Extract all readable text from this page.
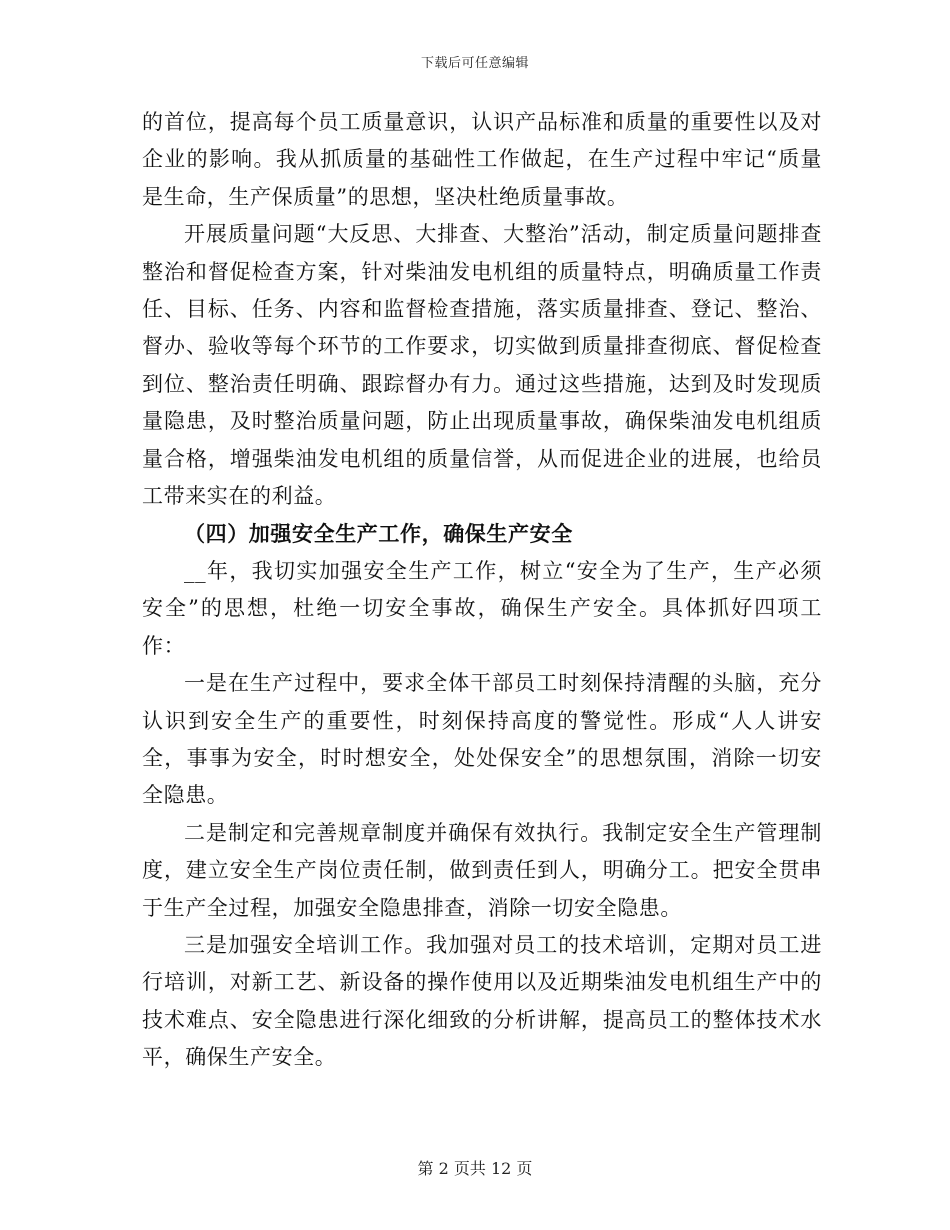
下载后可任意编辑

的首位，提高每个员工质量意识，认识产品标准和质量的重要性以及对企业的影响。我从抓质量的基础性工作做起，在生产过程中牢记“质量是生命，生产保质量”的思想，坚决杜绝质量事故。

开展质量问题“大反思、大排查、大整治”活动，制定质量问题排查整治和督促检查方案，针对柴油发电机组的质量特点，明确质量工作责任、目标、任务、内容和监督检查措施，落实质量排查、登记、整治、督办、验收等每个环节的工作要求，切实做到质量排查彻底、督促检查到位、整治责任明确、跟踪督办有力。通过这些措施，达到及时发现质量隐患，及时整治质量问题，防止出现质量事故，确保柴油发电机组质量合格，增强柴油发电机组的质量信誉，从而促进企业的进展，也给员工带来实在的利益。

（四）加强安全生产工作，确保生产安全

__年，我切实加强安全生产工作，树立“安全为了生产，生产必须安全”的思想，杜绝一切安全事故，确保生产安全。具体抓好四项工作：

一是在生产过程中，要求全体干部员工时刻保持清醒的头脑，充分认识到安全生产的重要性，时刻保持高度的警觉性。形成“人人讲安全，事事为安全，时时想安全，处处保安全”的思想氛围，消除一切安全隐患。

二是制定和完善规章制度并确保有效执行。我制定安全生产管理制度，建立安全生产岗位责任制，做到责任到人，明确分工。把安全贯串于生产全过程，加强安全隐患排查，消除一切安全隐患。

三是加强安全培训工作。我加强对员工的技术培训，定期对员工进行培训，对新工艺、新设备的操作使用以及近期柴油发电机组生产中的技术难点、安全隐患进行深化细致的分析讲解，提高员工的整体技术水平，确保生产安全。

第 2 页共 12 页
